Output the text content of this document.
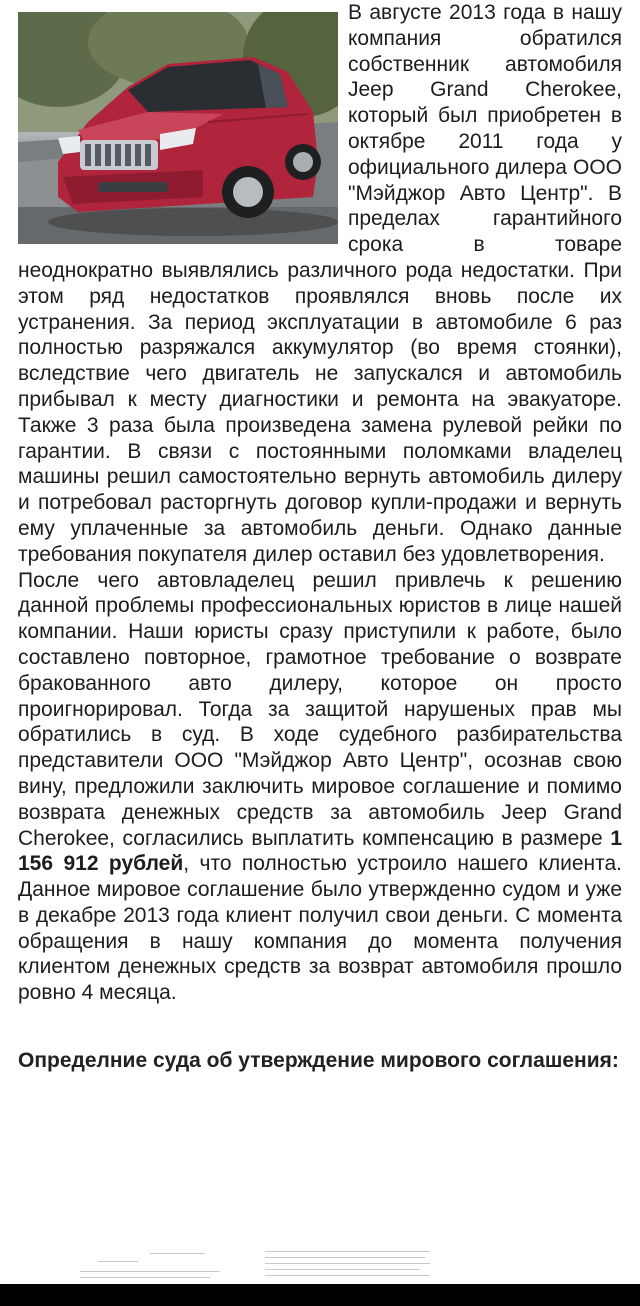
В августе 2013 года в нашу компания обратился собственник автомобиля Jeep Grand Cherokee, который был приобретен в октябре 2011 года у официального дилера ООО "Мэйджор Авто Центр". В пределах гарантийного срока в товаре неоднократно выявлялись различного рода недостатки. При этом ряд недостатков проявлялся вновь после их устранения. За период эксплуатации в автомобиле 6 раз полностью разряжался аккумулятор (во время стоянки), вследствие чего двигатель не запускался и автомобиль прибывал к месту диагностики и ремонта на эвакуаторе. Также 3 раза была произведена замена рулевой рейки по гарантии. В связи с постоянными поломками владелец машины решил самостоятельно вернуть автомобиль дилеру и потребовал расторгнуть договор купли-продажи и вернуть ему уплаченные за автомобиль деньги. Однако данные требования покупателя дилер оставил без удовлетворения.

После чего автовладелец решил привлечь к решению данной проблемы профессиональных юристов в лице нашей компании. Наши юристы сразу приступили к работе, было составлено повторное, грамотное требование о возврате бракованного авто дилеру, которое он просто проигнорировал. Тогда за защитой нарушеных прав мы обратились в суд. В ходе судебного разбирательства представители ООО "Мэйджор Авто Центр", осознав свою вину, предложили заключить мировое соглашение и помимо возврата денежных средств за автомобиль Jeep Grand Cherokee, согласились выплатить компенсацию в размере 1 156 912 рублей, что полностью устроило нашего клиента. Данное мировое соглашение было утвержденно судом и уже в декабре 2013 года клиент получил свои деньги. С момента обращения в нашу компания до момента получения клиентом денежных средств за возврат автомобиля прошло ровно 4 месяца.

Определние суда об утверждение мирового соглашения:
